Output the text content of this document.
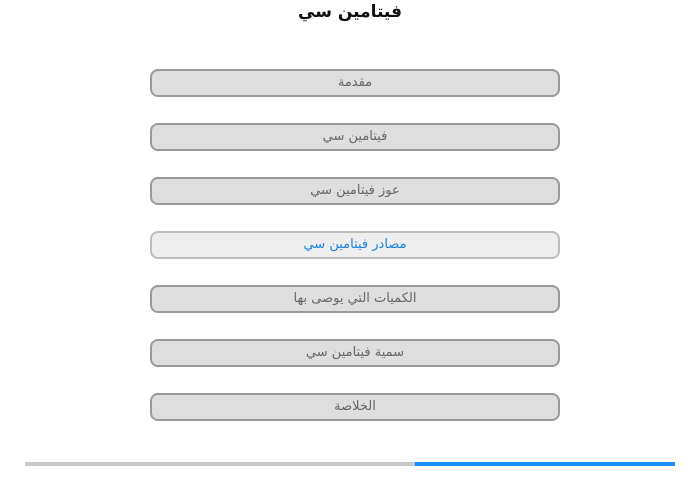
فيتامين سي
مقدمة
فيتامين سي
عوز فيتامين سي
مصادر فيتامين سي
الكميات التي يوصى بها
سمية فيتامين سي
الخلاصة
